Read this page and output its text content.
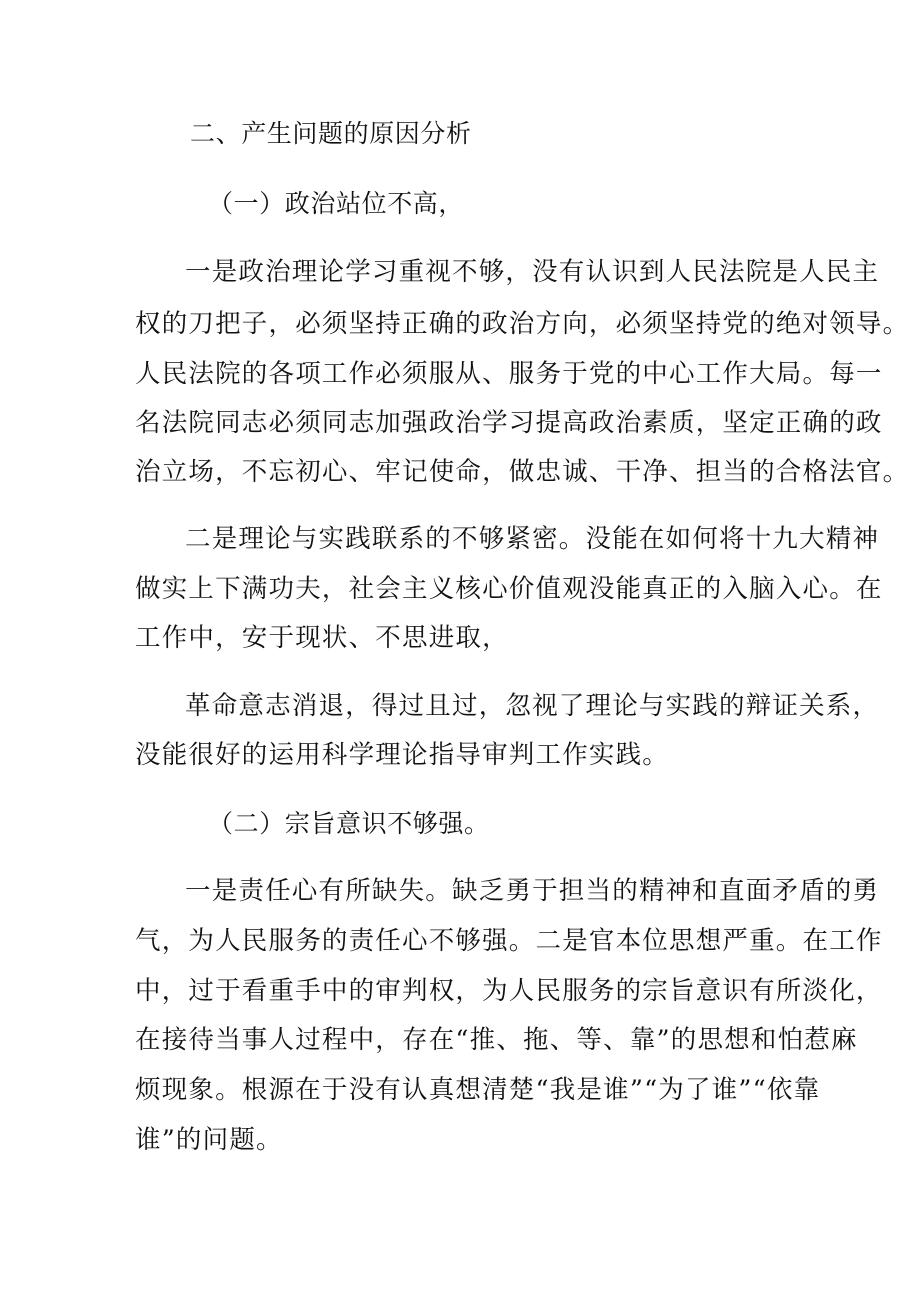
二、产生问题的原因分析
（一）政治站位不高，
一是政治理论学习重视不够，没有认识到人民法院是人民主
权的刀把子，必须坚持正确的政治方向，必须坚持党的绝对领导。
人民法院的各项工作必须服从、服务于党的中心工作大局。每一
名法院同志必须同志加强政治学习提高政治素质，坚定正确的政
治立场，不忘初心、牢记使命，做忠诚、干净、担当的合格法官。
二是理论与实践联系的不够紧密。没能在如何将十九大精神
做实上下满功夫，社会主义核心价值观没能真正的入脑入心。在
工作中，安于现状、不思进取，
革命意志消退，得过且过，忽视了理论与实践的辩证关系，
没能很好的运用科学理论指导审判工作实践。
（二）宗旨意识不够强。
一是责任心有所缺失。缺乏勇于担当的精神和直面矛盾的勇
气，为人民服务的责任心不够强。二是官本位思想严重。在工作
中，过于看重手中的审判权，为人民服务的宗旨意识有所淡化，
在接待当事人过程中，存在“推、拖、等、靠”的思想和怕惹麻
烦现象。根源在于没有认真想清楚“我是谁”“为了谁”“依靠
谁”的问题。
